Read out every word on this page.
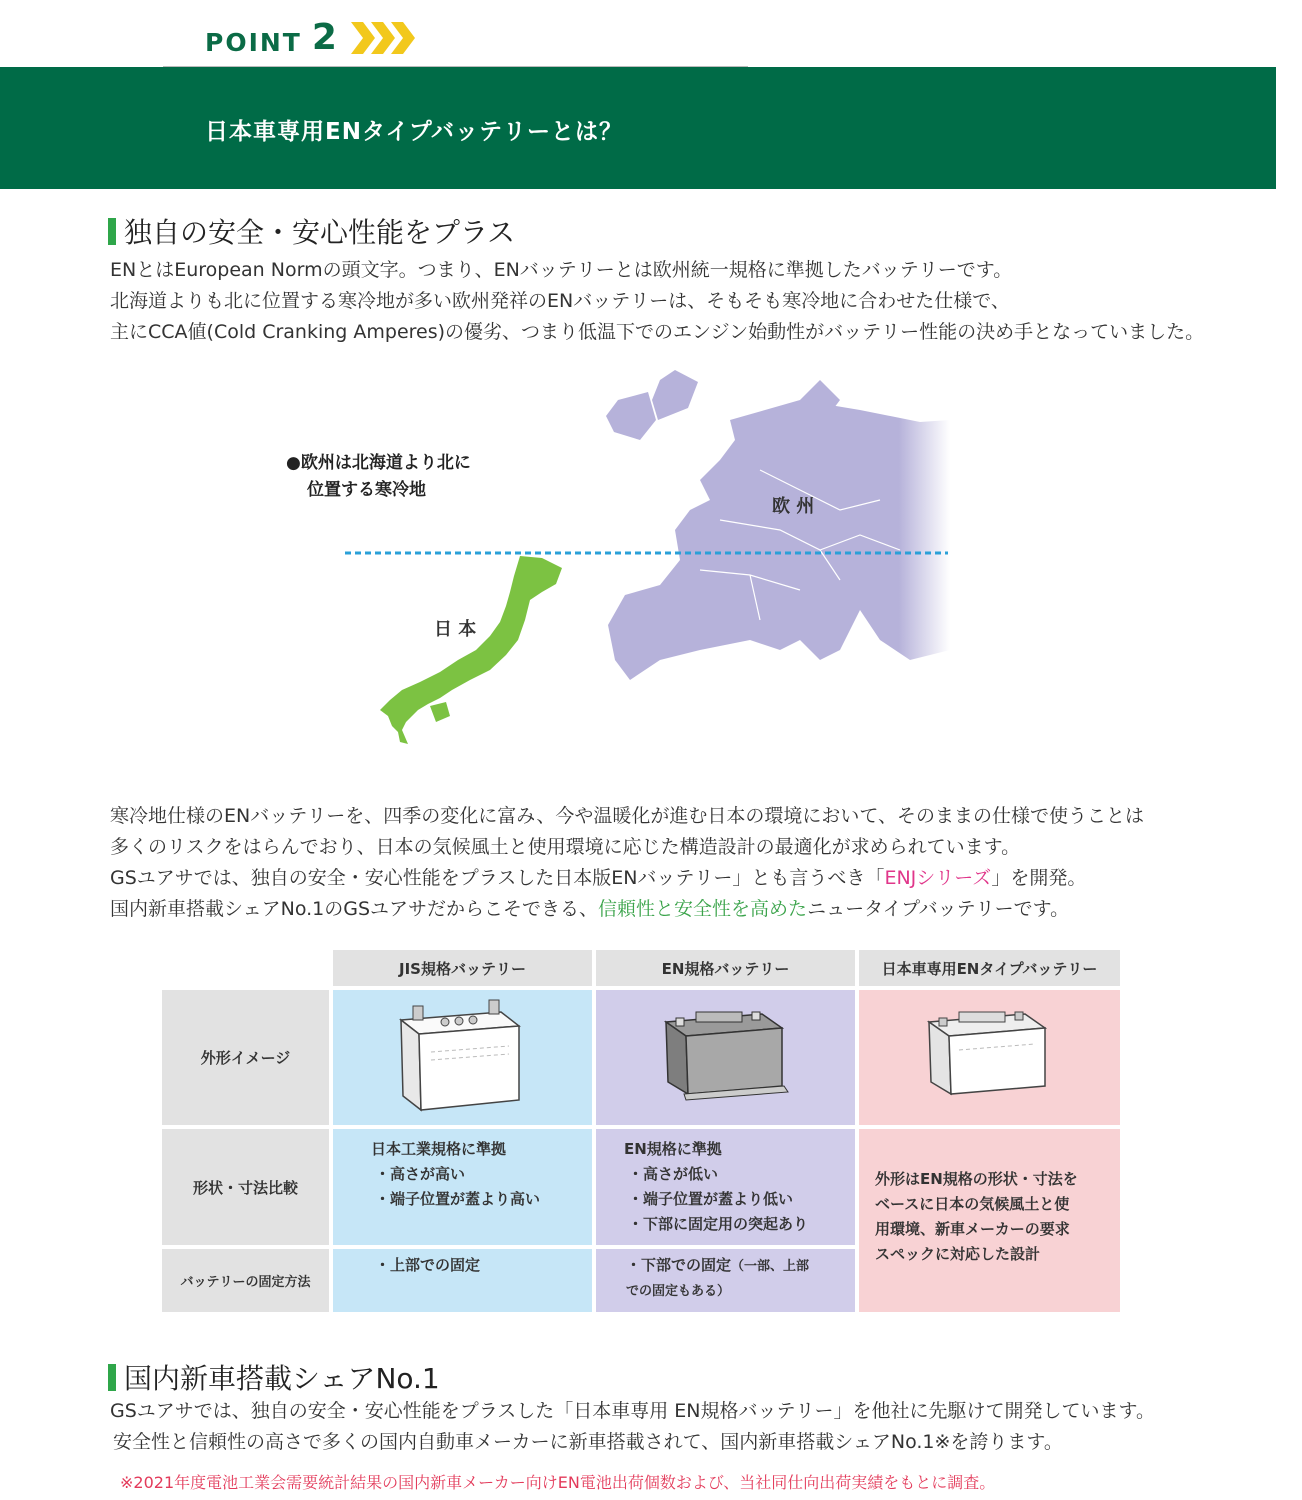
POINT 2
日本車専用ENタイプバッテリーとは？
独自の安全・安心性能をプラス

ENとはEuropean Normの頭文字。つまり、ENバッテリーとは欧州統一規格に準拠したバッテリーです。

北海道よりも北に位置する寒冷地が多い欧州発祥のENバッテリーは、そもそも寒冷地に合わせた仕様で、

主にCCA値(Cold Cranking Amperes)の優劣、つまり低温下でのエンジン始動性がバッテリー性能の決め手となっていました。

●欧州は北海道より北に
位置する寒冷地
欧 州
日 本

寒冷地仕様のENバッテリーを、四季の変化に富み、今や温暖化が進む日本の環境において、そのままの仕様で使うことは

多くのリスクをはらんでおり、日本の気候風土と使用環境に応じた構造設計の最適化が求められています。

GSユアサでは、独自の安全・安心性能をプラスした日本版ENバッテリー」とも言うべき「ENJシリーズ」を開発。

国内新車搭載シェアNo.1のGSユアサだからこそできる、信頼性と安全性を高めたニュータイプバッテリーです。

JIS規格バッテリー	EN規格バッテリー	日本車専用ENタイプバッテリー
外形イメージ
形状・寸法比較
バッテリーの固定方法
日本工業規格に準拠
・高さが高い
・端子位置が蓋より高い
・上部での固定
EN規格に準拠
・高さが低い
・端子位置が蓋より低い
・下部に固定用の突起あり
・下部での固定（一部、上部
での固定もある）
外形はEN規格の形状・寸法を
ベースに日本の気候風土と使
用環境、新車メーカーの要求
スペックに対応した設計
国内新車搭載シェアNo.1

GSユアサでは、独自の安全・安心性能をプラスした「日本車専用 EN規格バッテリー」を他社に先駆けて開発しています。

安全性と信頼性の高さで多くの国内自動車メーカーに新車搭載されて、国内新車搭載シェアNo.1※を誇ります。

※2021年度電池工業会需要統計結果の国内新車メーカー向けEN電池出荷個数および、当社同仕向出荷実績をもとに調査。
